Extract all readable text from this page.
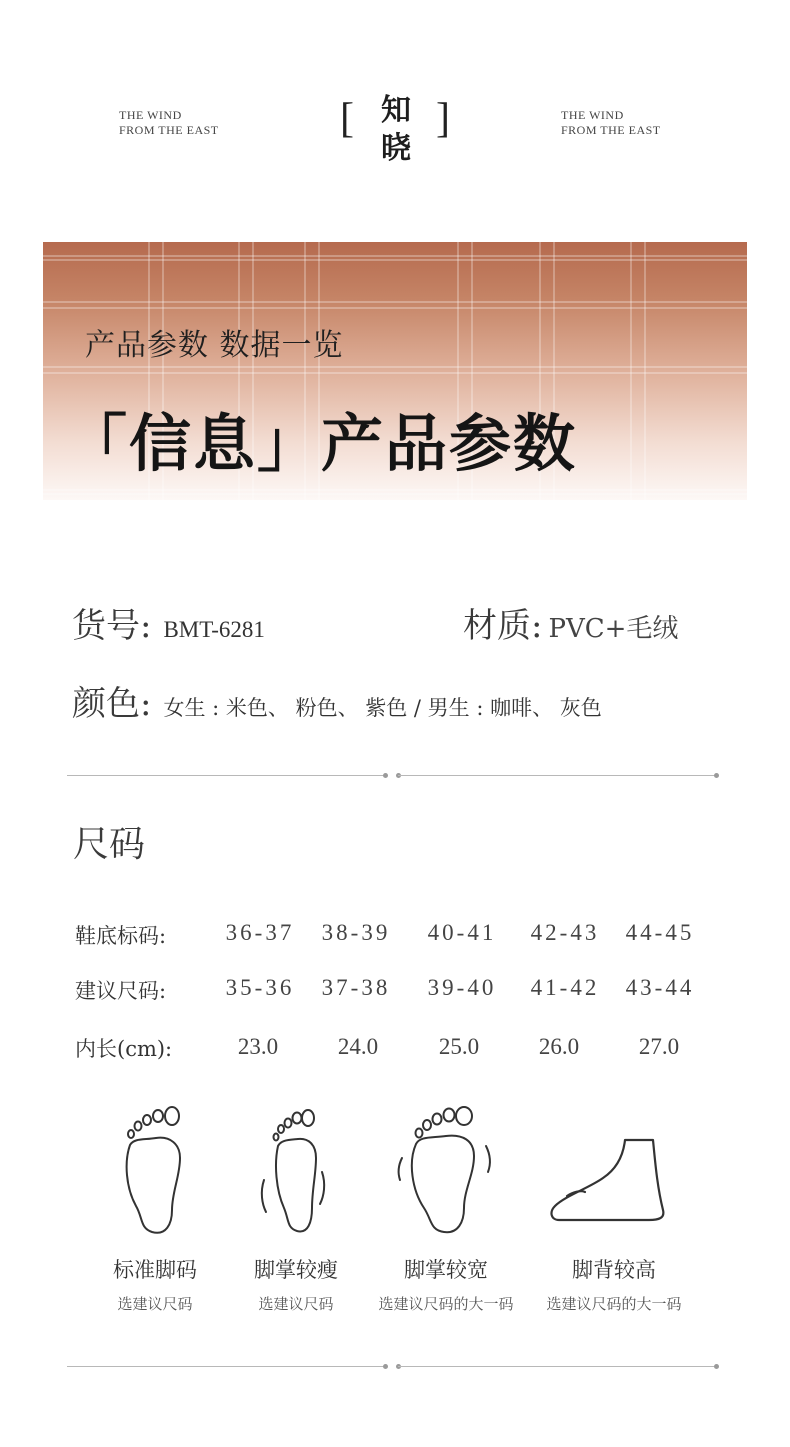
THE WIND
FROM THE EAST
THE WIND
FROM THE EAST
[ 知
晓
]
产品参数 数据一览
「信息」产品参数
货号: BMT-6281	材质: PVC+毛绒
颜色: 女生 : 米色、 粉色、 紫色 / 男生 : 咖啡、 灰色
尺码
鞋底标码:	36-37	38-39	40-41	42-43	44-45
建议尺码:	35-36	37-38	39-40	41-42	43-44
内长(cm):	23.0	24.0	25.0	26.0	27.0
标准脚码
选建议尺码
脚掌较瘦
选建议尺码
脚掌较宽
选建议尺码的大一码
脚背较高
选建议尺码的大一码
